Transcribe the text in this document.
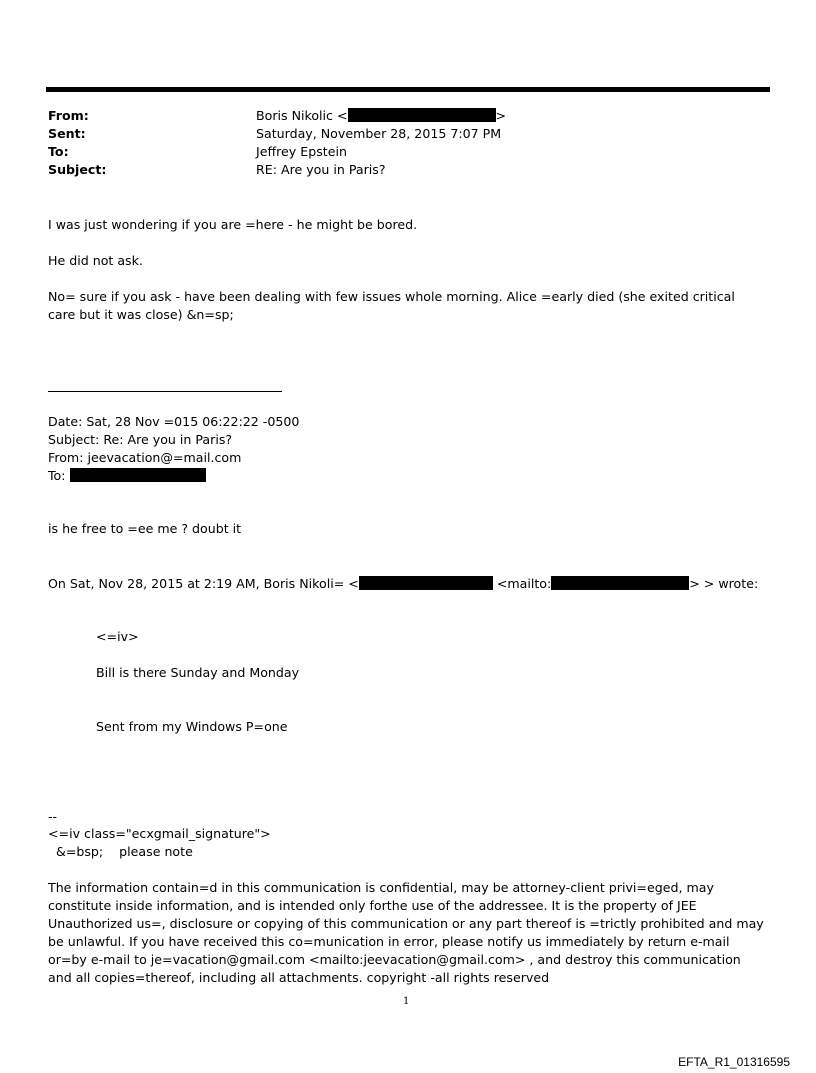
From:	Boris Nikolic <	>
Sent:	Saturday, November 28, 2015 7:07 PM
To:	Jeffrey Epstein
Subject:	RE: Are you in Paris?
I was just wondering if you are =here - he might be bored.
He did not ask.
No= sure if you ask - have been dealing with few issues whole morning. Alice =early died (she exited critical care but it was close) &n=sp;
Date: Sat, 28 Nov =015 06:22:22 -0500
Subject: Re: Are you in Paris?
From: jeevacation@=mail.com
To:
is he free to =ee me ? doubt it
On Sat, Nov 28, 2015 at 2:19 AM, Boris Nikoli= <	<mailto:	> > wrote:
<=iv>
Bill is there Sunday and Monday
Sent from my Windows P=one
--
<=iv class="ecxgmail_signature">
&=bsp;    please note
The information contain=d in this communication is confidential, may be attorney-client privi=eged, may constitute inside information, and is intended only forthe use of the addressee. It is the property of JEE Unauthorized us=, disclosure or copying of this communication or any part thereof is =trictly prohibited and may be unlawful. If you have received this co=munication in error, please notify us immediately by return e-mail or=by e-mail to je=vacation@gmail.com <mailto:jeevacation@gmail.com> , and destroy this communication and all copies=thereof, including all attachments. copyright -all rights reserved
1
EFTA_R1_01316595
